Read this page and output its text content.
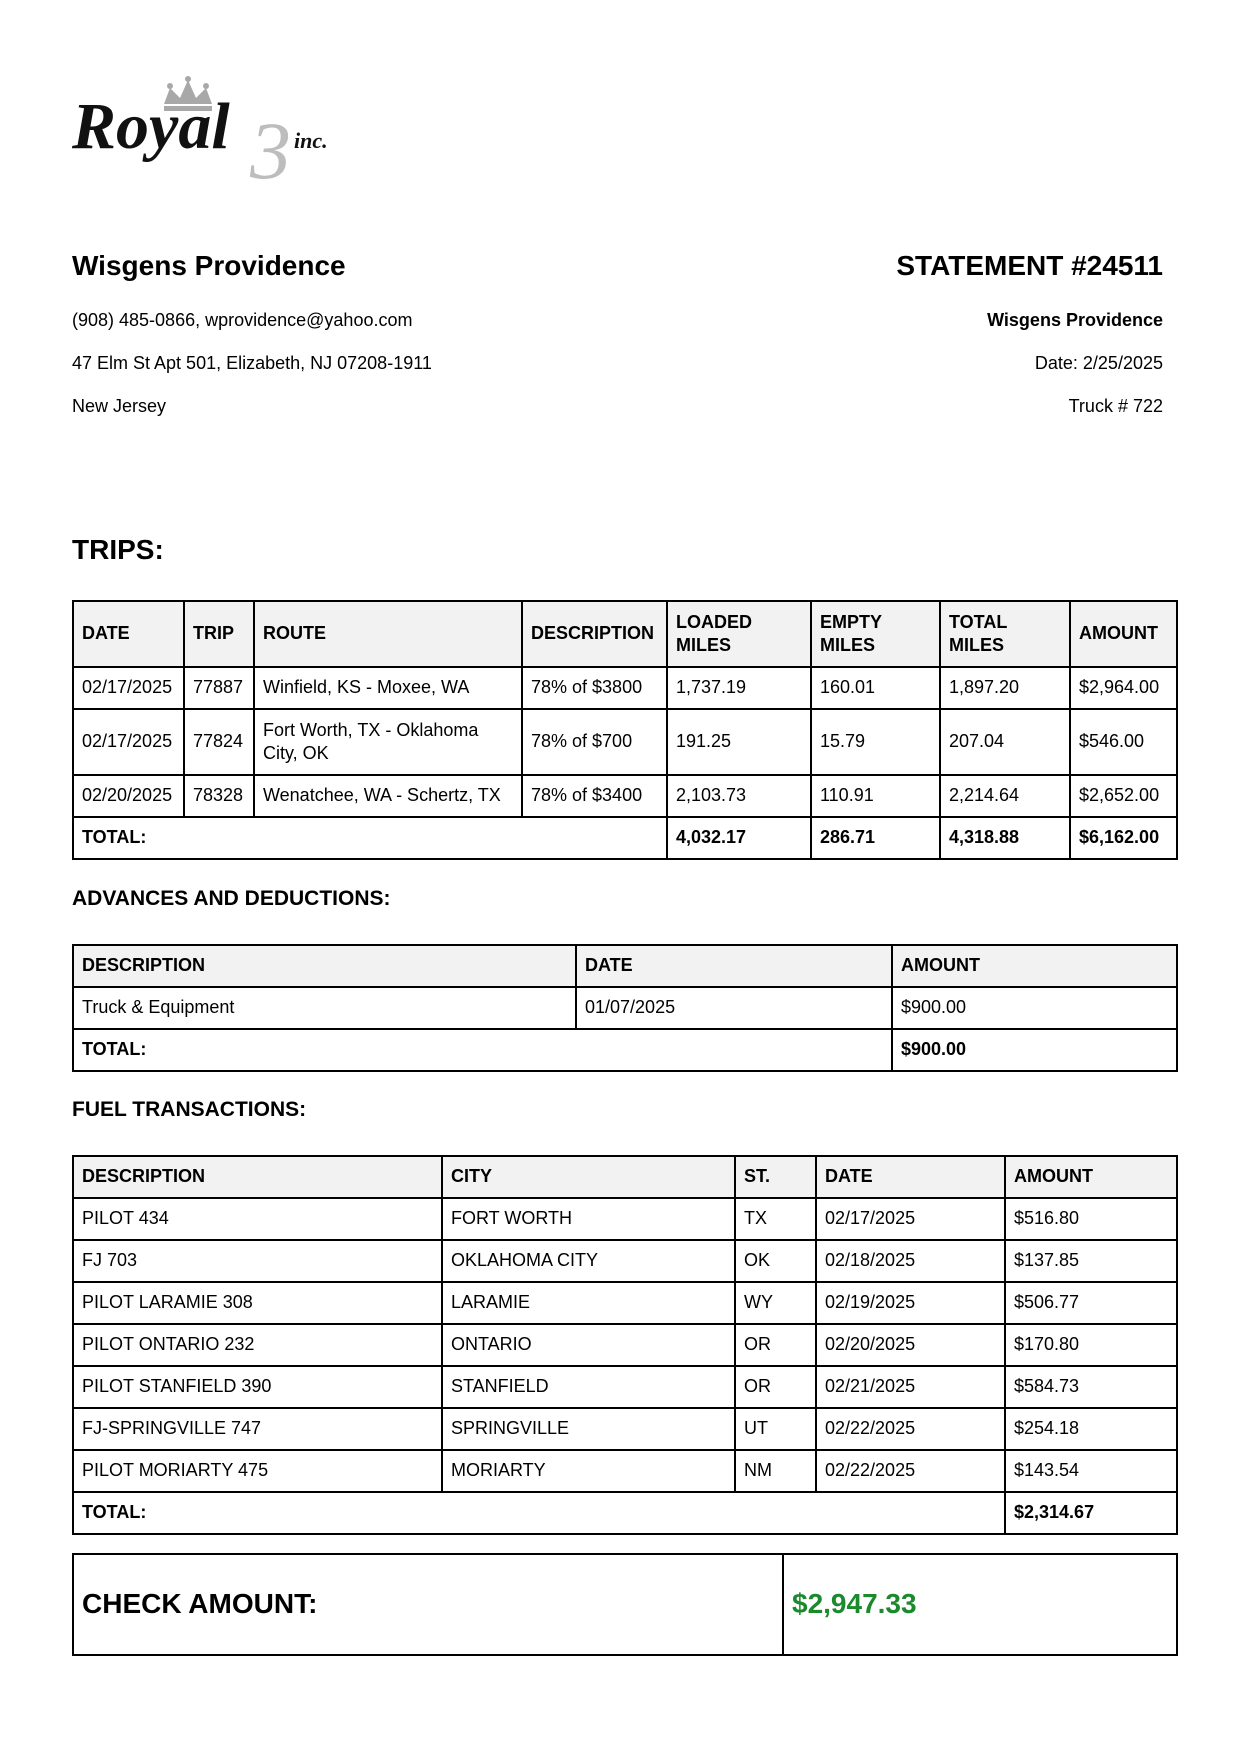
3
Royal	inc.
Wisgens Providence
(908) 485-0866, wprovidence@yahoo.com
47 Elm St Apt 501, Elizabeth, NJ 07208-1911
New Jersey
STATEMENT #24511
Wisgens Providence
Date: 2/25/2025
Truck # 722
TRIPS:
DATE	TRIP	ROUTE	DESCRIPTION	LOADED MILES	EMPTY MILES	TOTAL MILES	AMOUNT
02/17/2025	77887	Winfield, KS - Moxee, WA	78% of $3800	1,737.19	160.01	1,897.20	$2,964.00
02/17/2025	77824	Fort Worth, TX - Oklahoma City, OK	78% of $700	191.25	15.79	207.04	$546.00
02/20/2025	78328	Wenatchee, WA - Schertz, TX	78% of $3400	2,103.73	110.91	2,214.64	$2,652.00
TOTAL:				4,032.17	286.71	4,318.88	$6,162.00
ADVANCES AND DEDUCTIONS:
DESCRIPTION	DATE	AMOUNT
Truck & Equipment	01/07/2025	$900.00
TOTAL:		$900.00
FUEL TRANSACTIONS:
DESCRIPTION	CITY	ST.	DATE	AMOUNT
PILOT 434	FORT WORTH	TX	02/17/2025	$516.80
FJ 703	OKLAHOMA CITY	OK	02/18/2025	$137.85
PILOT LARAMIE 308	LARAMIE	WY	02/19/2025	$506.77
PILOT ONTARIO 232	ONTARIO	OR	02/20/2025	$170.80
PILOT STANFIELD 390	STANFIELD	OR	02/21/2025	$584.73
FJ-SPRINGVILLE 747	SPRINGVILLE	UT	02/22/2025	$254.18
PILOT MORIARTY 475	MORIARTY	NM	02/22/2025	$143.54
TOTAL:				$2,314.67
CHECK AMOUNT:	$2,947.33
